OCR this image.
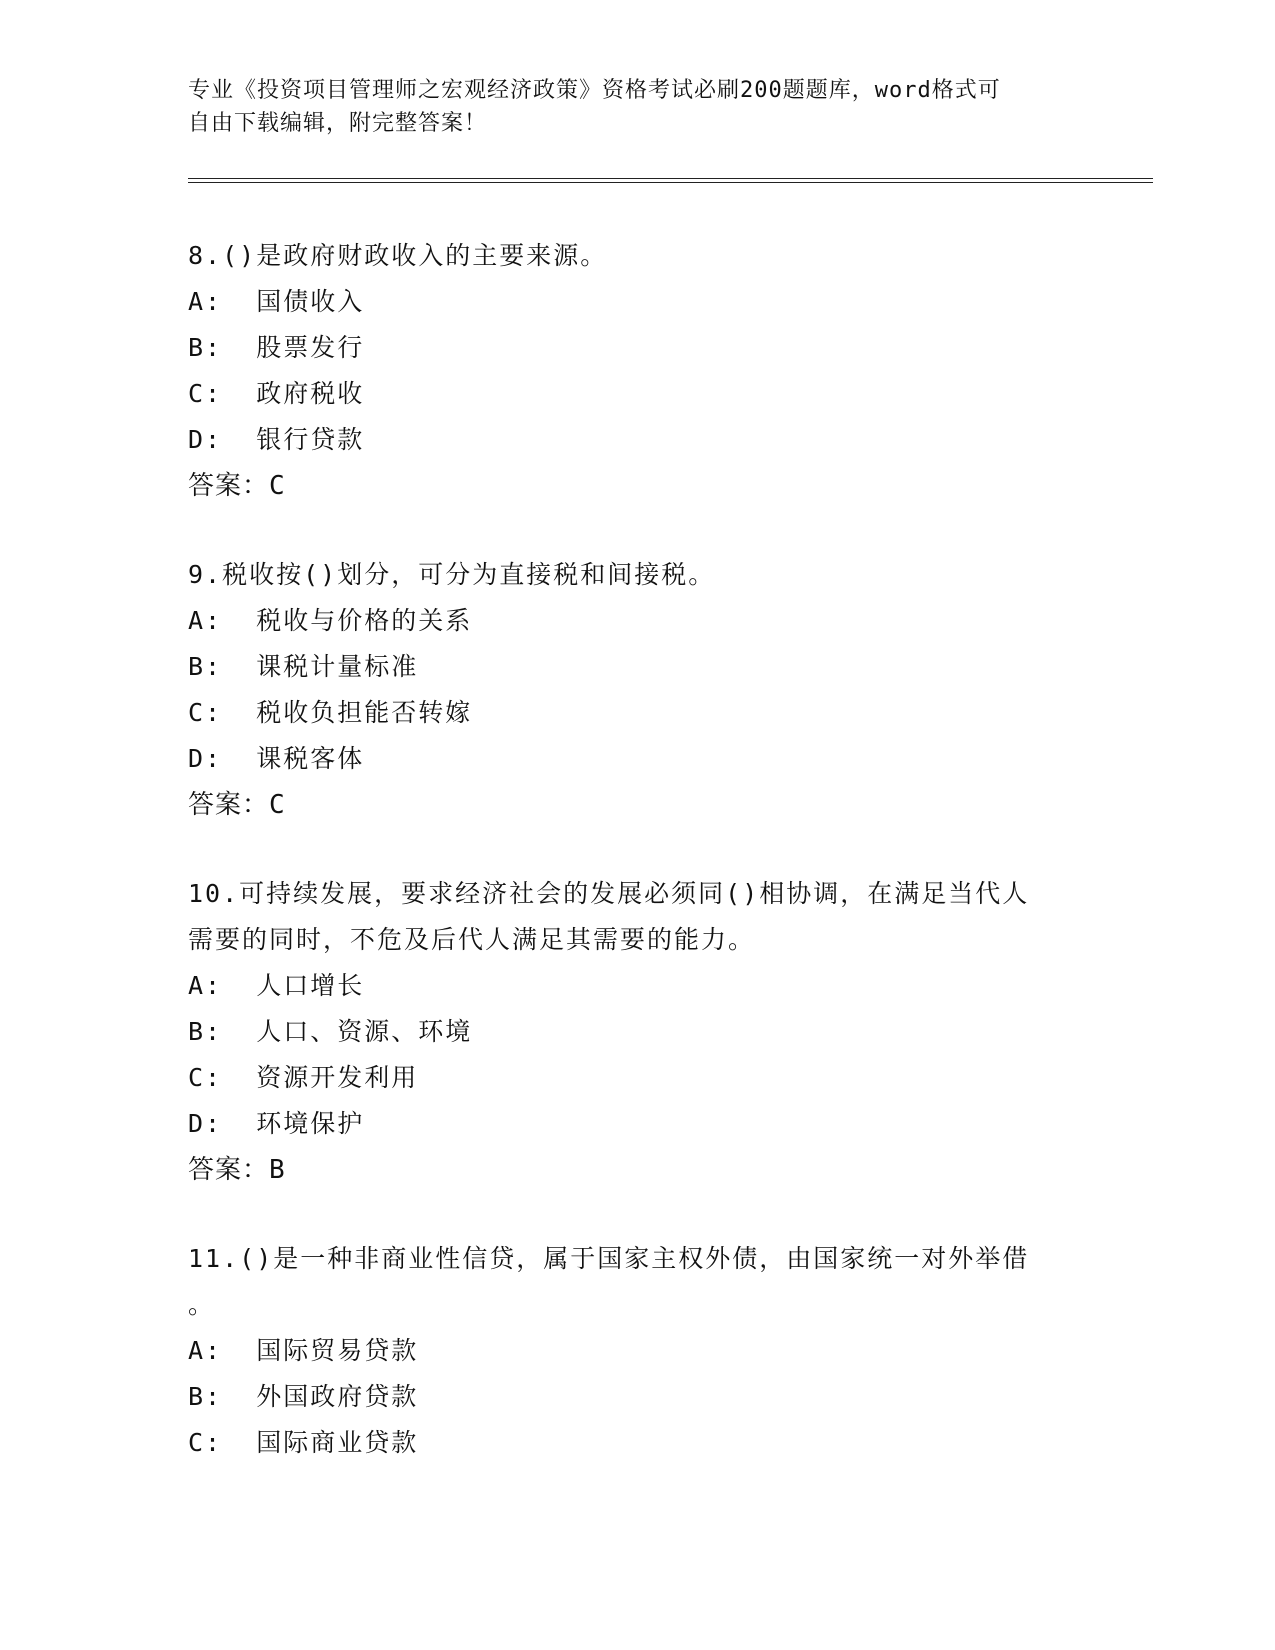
专业《投资项目管理师之宏观经济政策》资格考试必刷200题题库，word格式可
自由下载编辑，附完整答案！
8.()是政府财政收入的主要来源。
A:  国债收入
B:  股票发行
C:  政府税收
D:  银行贷款
答案：C
9.税收按()划分，可分为直接税和间接税。
A:  税收与价格的关系
B:  课税计量标准
C:  税收负担能否转嫁
D:  课税客体
答案：C
10.可持续发展，要求经济社会的发展必须同()相协调，在满足当代人
需要的同时，不危及后代人满足其需要的能力。
A:  人口增长
B:  人口、资源、环境
C:  资源开发利用
D:  环境保护
答案：B
11.()是一种非商业性信贷，属于国家主权外债，由国家统一对外举借
。
A:  国际贸易贷款
B:  外国政府贷款
C:  国际商业贷款
